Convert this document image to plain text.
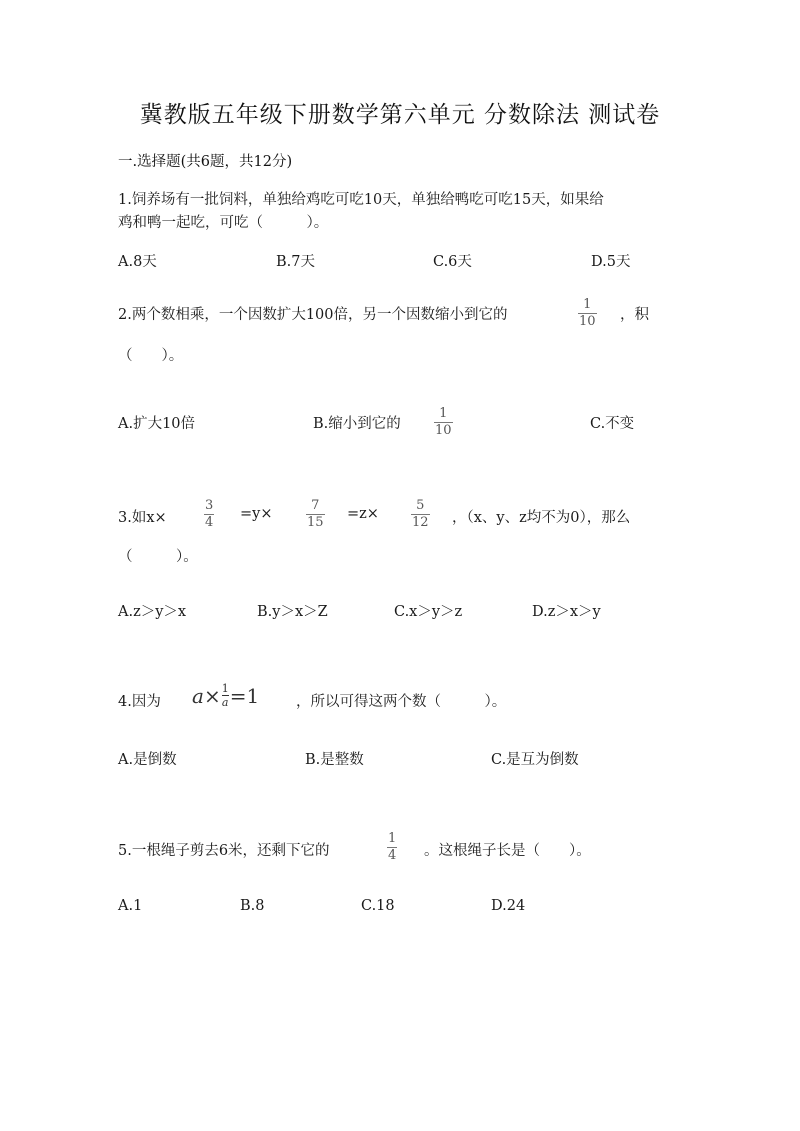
冀教版五年级下册数学第六单元 分数除法 测试卷
一.选择题(共6题，共12分)
1.饲养场有一批饲料，单独给鸡吃可吃10天，单独给鸭吃可吃15天，如果给
鸡和鸭一起吃，可吃（　　　）。
A.8天	B.7天	C.6天	D.5天
2.两个数相乘，一个因数扩大100倍，另一个因数缩小到它的
1
10 ，积
（　　）。
A.扩大10倍	B.缩小到它的
1
10	C.不变
3.如x×
3
4
=y×
7
15
=z×
5
12 ，（x、y、z均不为0），那么
（　　　）。
A.z＞y＞x	B.y＞x＞Z	C.x＞y＞z	D.z＞x＞y
4.因为 a × 1
a =1	，所以可得这两个数（　　　）。
A.是倒数	B.是整数	C.是互为倒数
5.一根绳子剪去6米，还剩下它的
1
4 。这根绳子长是（　　）。
A.1	B.8	C.18	D.24
